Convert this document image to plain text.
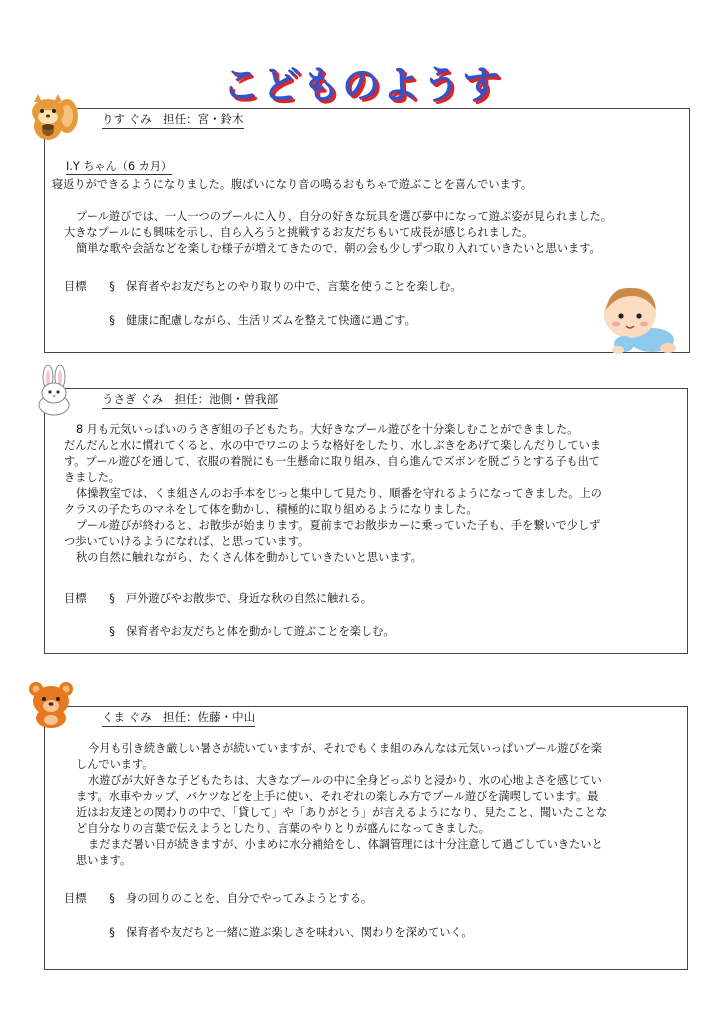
こどものようす
りす ぐみ　担任：宮・鈴木
I.Y ちゃん（6 カ月）
寝返りができるようになりました。腹ばいになり音の鳴るおもちゃで遊ぶことを喜んでいます。
プール遊びでは、一人一つのプールに入り、自分の好きな玩具を選び夢中になって遊ぶ姿が見られました。
大きなプールにも興味を示し、自ら入ろうと挑戦するお友だちもいて成長が感じられました。
簡単な歌や会話などを楽しむ様子が増えてきたので、朝の会も少しずつ取り入れていきたいと思います。
目標 § 保育者やお友だちとのやり取りの中で、言葉を使うことを楽しむ。
§ 健康に配慮しながら、生活リズムを整えて快適に過ごす。
うさぎ ぐみ　担任：池側・曽我部
8 月も元気いっぱいのうさぎ組の子どもたち。大好きなプール遊びを十分楽しむことができました。
だんだんと水に慣れてくると、水の中でワニのような格好をしたり、水しぶきをあげて楽しんだりしていま
す。プール遊びを通して、衣服の着脱にも一生懸命に取り組み、自ら進んでズボンを脱ごうとする子も出て
きました。
体操教室では、くま組さんのお手本をじっと集中して見たり、順番を守れるようになってきました。上の
クラスの子たちのマネをして体を動かし、積極的に取り組めるようになりました。
プール遊びが終わると、お散歩が始まります。夏前までお散歩カーに乗っていた子も、手を繋いで少しず
つ歩いていけるようになれば、と思っています。
秋の自然に触れながら、たくさん体を動かしていきたいと思います。
目標 § 戸外遊びやお散歩で、身近な秋の自然に触れる。
§ 保育者やお友だちと体を動かして遊ぶことを楽しむ。
くま ぐみ　担任：佐藤・中山
今月も引き続き厳しい暑さが続いていますが、それでもくま組のみんなは元気いっぱいプール遊びを楽
しんでいます。
水遊びが大好きな子どもたちは、大きなプールの中に全身どっぷりと浸かり、水の心地よさを感じてい
ます。水車やカップ、バケツなどを上手に使い、それぞれの楽しみ方でプール遊びを満喫しています。最
近はお友達との関わりの中で、「貸して」や「ありがとう」が言えるようになり、見たこと、聞いたことな
ど自分なりの言葉で伝えようとしたり、言葉のやりとりが盛んになってきました。
まだまだ暑い日が続きますが、小まめに水分補給をし、体調管理には十分注意して過ごしていきたいと
思います。
目標 § 身の回りのことを、自分でやってみようとする。
§ 保育者や友だちと一緒に遊ぶ楽しさを味わい、関わりを深めていく。
